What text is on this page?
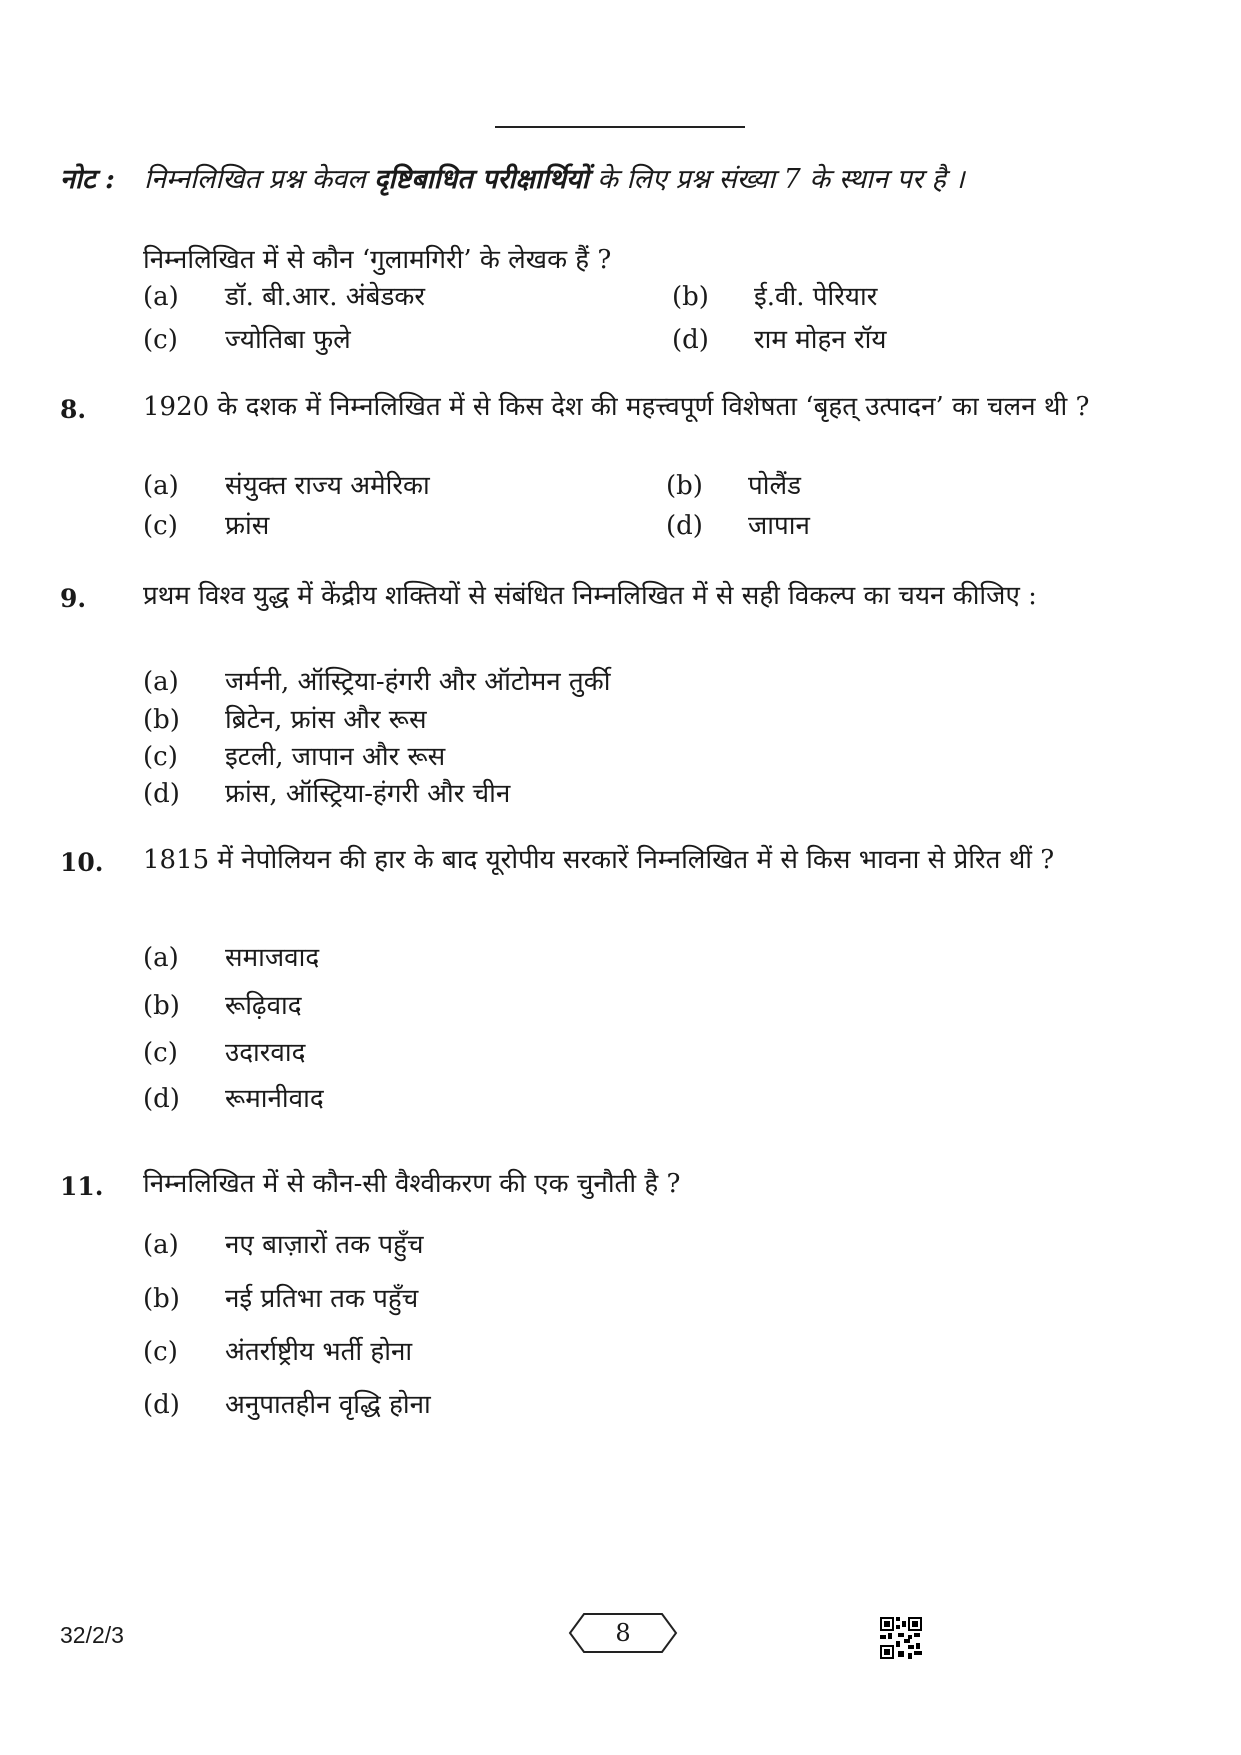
नोट : निम्नलिखित प्रश्न केवल दृष्टिबाधित परीक्षार्थियों के लिए प्रश्न संख्या 7 के स्थान पर है ।
निम्नलिखित में से कौन ‘गुलामगिरी’ के लेखक हैं ?
(a) डॉ. बी.आर. अंबेडकर	(b) ई.वी. पेरियार
(c) ज्योतिबा फुले	(d) राम मोहन रॉय
8. 1920 के दशक में निम्नलिखित में से किस देश की महत्त्वपूर्ण विशेषता ‘बृहत् उत्पादन’ का चलन थी ?
(a) संयुक्त राज्य अमेरिका	(b) पोलैंड
(c) फ्रांस	(d) जापान
9. प्रथम विश्व युद्ध में केंद्रीय शक्तियों से संबंधित निम्नलिखित में से सही विकल्प का चयन कीजिए :
(a) जर्मनी, ऑस्ट्रिया-हंगरी और ऑटोमन तुर्की
(b) ब्रिटेन, फ्रांस और रूस
(c) इटली, जापान और रूस
(d) फ्रांस, ऑस्ट्रिया-हंगरी और चीन
10. 1815 में नेपोलियन की हार के बाद यूरोपीय सरकारें निम्नलिखित में से किस भावना से प्रेरित थीं ?
(a) समाजवाद
(b) रूढ़िवाद
(c) उदारवाद
(d) रूमानीवाद
11. निम्नलिखित में से कौन-सी वैश्वीकरण की एक चुनौती है ?
(a) नए बाज़ारों तक पहुँच
(b) नई प्रतिभा तक पहुँच
(c) अंतर्राष्ट्रीय भर्ती होना
(d) अनुपातहीन वृद्धि होना
32/2/3	8
